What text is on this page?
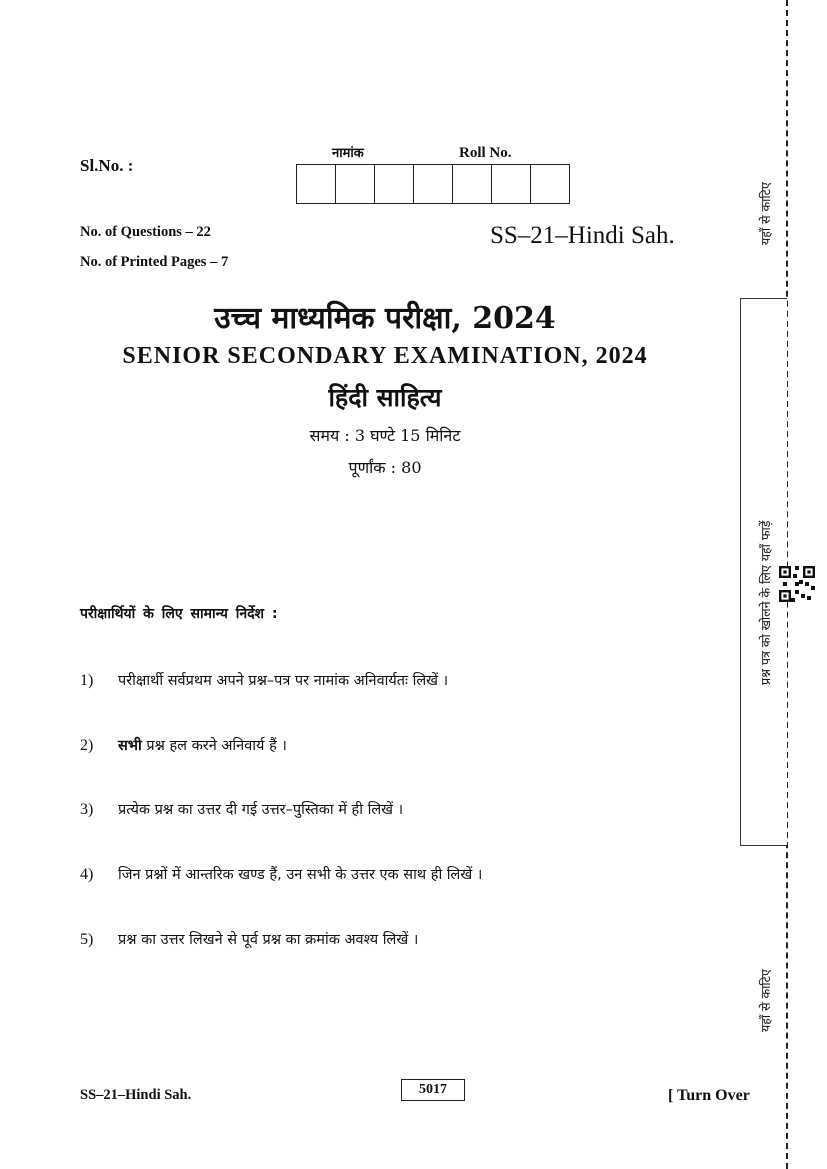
Sl.No. :
नामांक	Roll No.
No. of Questions – 22
No. of Printed Pages – 7
SS–21–Hindi Sah.
उच्च माध्यमिक परीक्षा, 2024
SENIOR SECONDARY EXAMINATION, 2024
हिंदी साहित्य
समय : 3 घण्टे 15 मिनिट
पूर्णांक : 80
परीक्षार्थियों के लिए सामान्य निर्देश :
1) परीक्षार्थी सर्वप्रथम अपने प्रश्न–पत्र पर नामांक अनिवार्यतः लिखें ।
2) सभी प्रश्न हल करने अनिवार्य हैं ।
3) प्रत्येक प्रश्न का उत्तर दी गई उत्तर–पुस्तिका में ही लिखें ।
4) जिन प्रश्नों में आन्तरिक खण्ड हैं, उन सभी के उत्तर एक साथ ही लिखें ।
5) प्रश्न का उत्तर लिखने से पूर्व प्रश्न का क्रमांक अवश्य लिखें ।
SS–21–Hindi Sah.	5017	[ Turn Over
यहाँ से काटिए
प्रश्न पत्र को खोलने के लिए यहाँ फाड़ें
यहाँ से काटिए
